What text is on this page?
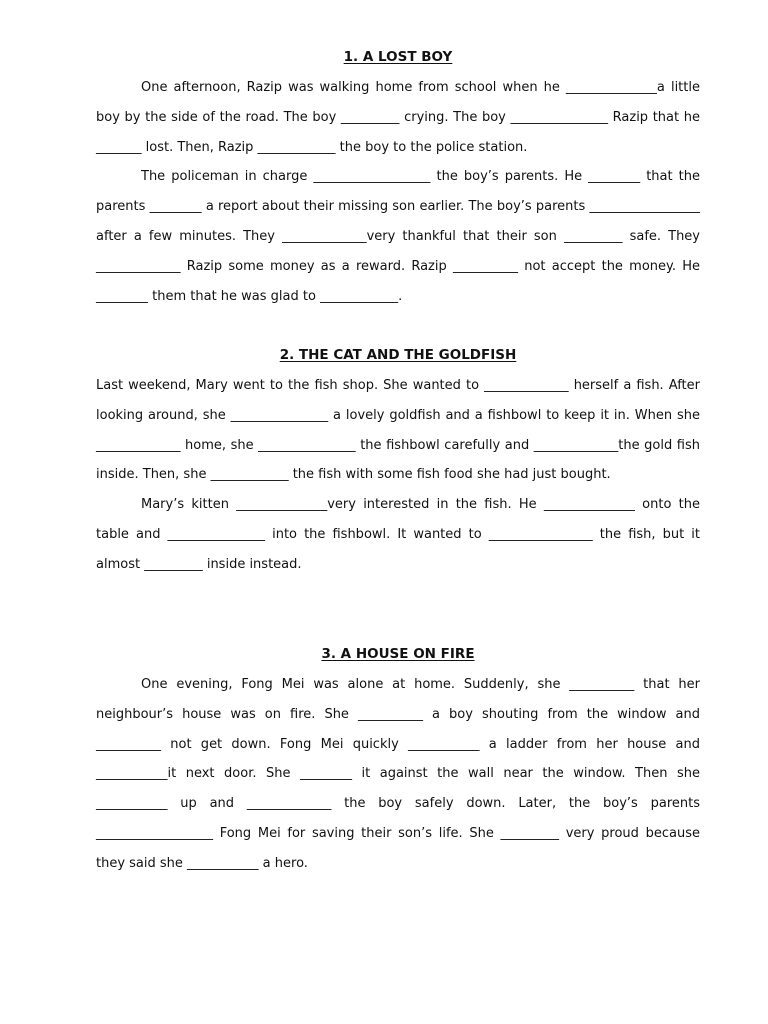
1. A LOST BOY

One afternoon, Razip was walking home from school when he ______________a little boy by the side of the road. The boy _________ crying. The boy _______________ Razip that he _______ lost. Then, Razip ____________ the boy to the police station.

The policeman in charge __________________ the boy’s parents. He ________ that the parents ________ a report about their missing son earlier. The boy’s parents _________________ after a few minutes. They _____________very thankful that their son _________ safe. They _____________ Razip some money as a reward. Razip __________ not accept the money. He ________ them that he was glad to ____________.

2. THE CAT AND THE GOLDFISH

Last weekend, Mary went to the fish shop. She wanted to _____________ herself a fish. After looking around, she _______________ a lovely goldfish and a fishbowl to keep it in. When she _____________ home, she _______________ the fishbowl carefully and _____________the gold fish inside. Then, she ____________ the fish with some fish food she had just bought.

Mary’s kitten ______________very interested in the fish. He ______________ onto the table and _______________ into the fishbowl. It wanted to ________________ the fish, but it almost _________ inside instead.

3. A HOUSE ON FIRE

One evening, Fong Mei was alone at home. Suddenly, she __________ that her neighbour’s house was on fire. She __________ a boy shouting from the window and __________ not get down. Fong Mei quickly ___________ a ladder from her house and ___________it next door. She ________ it against the wall near the window. Then she ___________ up and _____________ the boy safely down. Later, the boy’s parents __________________ Fong Mei for saving their son’s life. She _________ very proud because they said she ___________ a hero.
